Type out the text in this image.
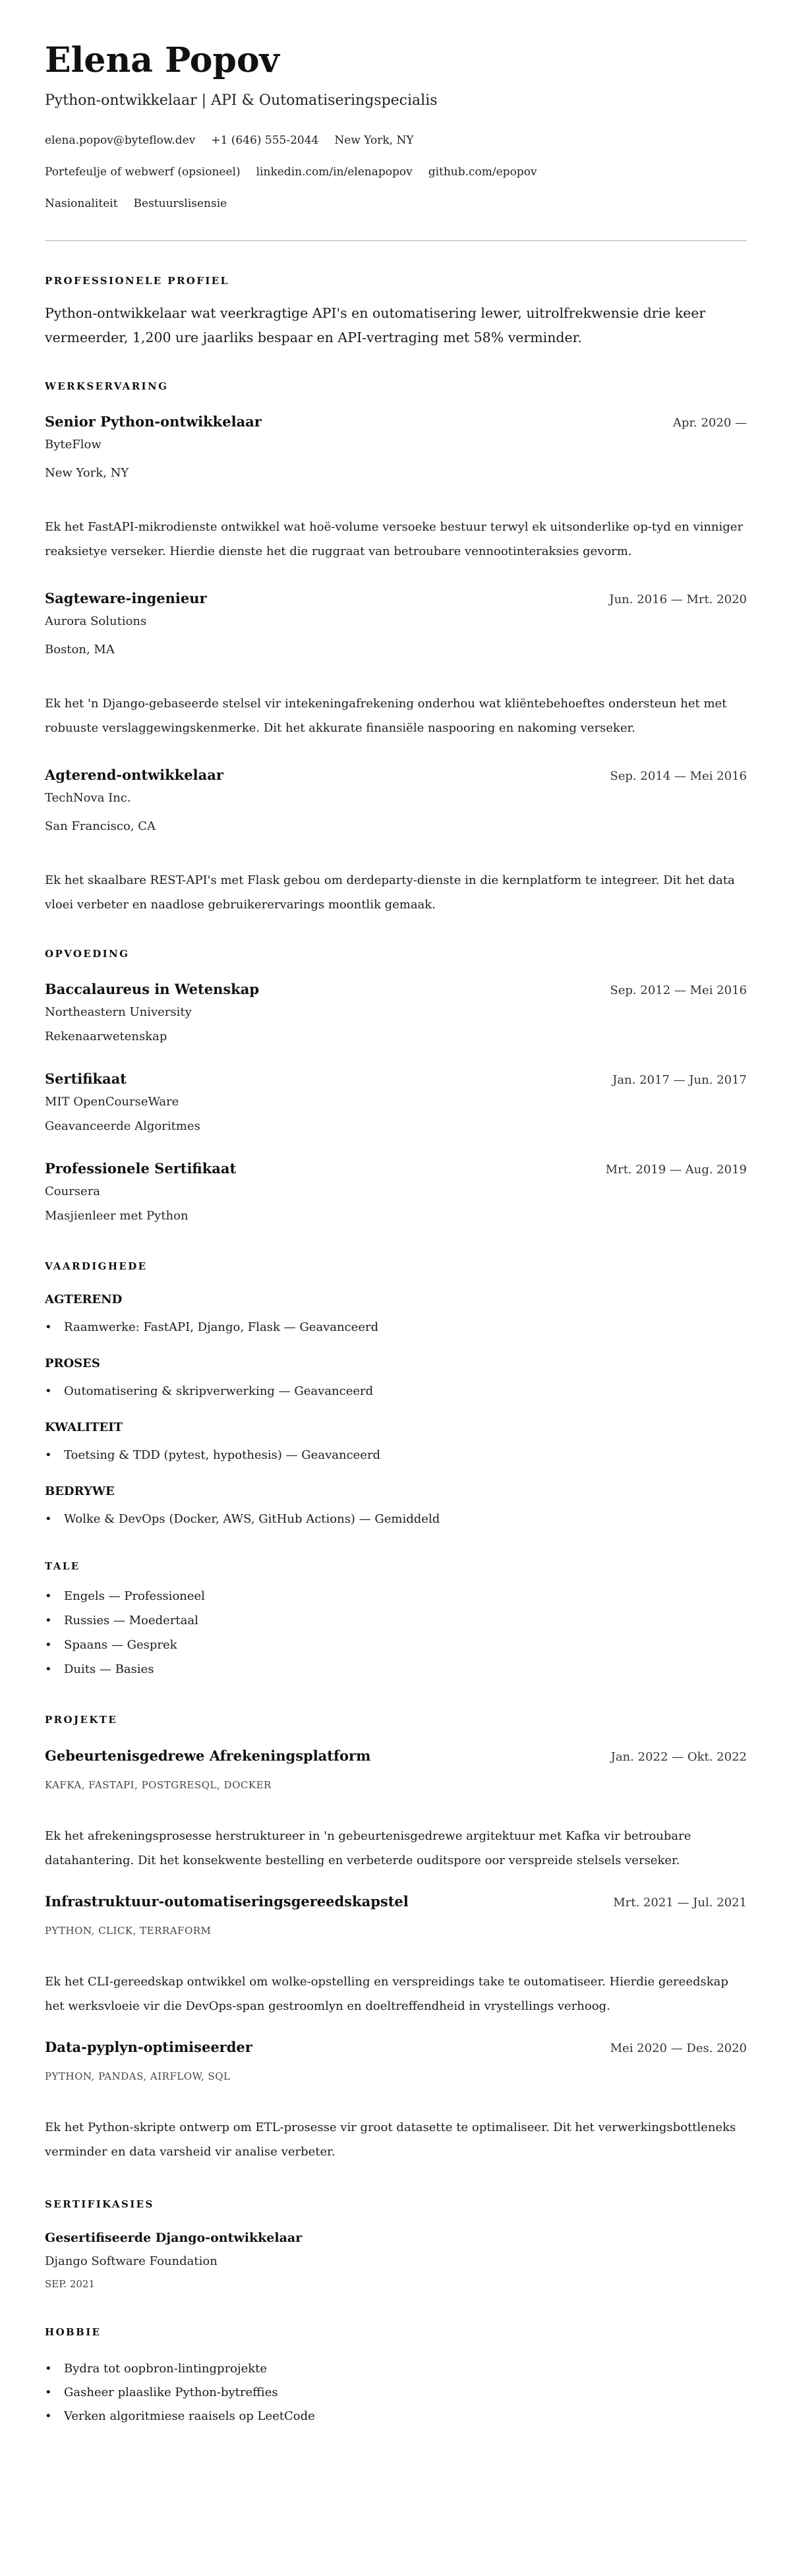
Elena Popov
Python-ontwikkelaar | API & Outomatiseringspecialis
elena.popov@byteflow.dev +1 (646) 555-2044 New York, NY
Portefeulje of webwerf (opsioneel) linkedin.com/in/elenapopov github.com/epopov
Nasionaliteit Bestuurslisensie
PROFESSIONELE PROFIEL

Python-ontwikkelaar wat veerkragtige API's en outomatisering lewer, uitrolfrekwensie drie keer vermeerder, 1,200 ure jaarliks bespaar en API-vertraging met 58% verminder.

WERKSERVARING
Senior Python-ontwikkelaar	Apr. 2020 —
ByteFlow
New York, NY
Ek het FastAPI-mikrodienste ontwikkel wat hoë-volume versoeke bestuur terwyl ek uitsonderlike op-tyd en vinniger reaksietye verseker. Hierdie dienste het die ruggraat van betroubare vennootinteraksies gevorm.
Sagteware-ingenieur	Jun. 2016 — Mrt. 2020
Aurora Solutions
Boston, MA
Ek het 'n Django-gebaseerde stelsel vir intekeningafrekening onderhou wat kliëntebehoeftes ondersteun het met robuuste verslaggewingskenmerke. Dit het akkurate finansiële naspooring en nakoming verseker.
Agterend-ontwikkelaar	Sep. 2014 — Mei 2016
TechNova Inc.
San Francisco, CA
Ek het skaalbare REST-API's met Flask gebou om derdeparty-dienste in die kernplatform te integreer. Dit het data vloei verbeter en naadlose gebruikerervarings moontlik gemaak.
OPVOEDING
Baccalaureus in Wetenskap	Sep. 2012 — Mei 2016
Northeastern University
Rekenaarwetenskap
Sertifikaat	Jan. 2017 — Jun. 2017
MIT OpenCourseWare
Geavanceerde Algoritmes
Professionele Sertifikaat	Mrt. 2019 — Aug. 2019
Coursera
Masjienleer met Python
VAARDIGHEDE
AGTEREND
• Raamwerke: FastAPI, Django, Flask — Geavanceerd
PROSES
• Outomatisering & skripverwerking — Geavanceerd
KWALITEIT
• Toetsing & TDD (pytest, hypothesis) — Geavanceerd
BEDRYWE
• Wolke & DevOps (Docker, AWS, GitHub Actions) — Gemiddeld
TALE
• Engels — Professioneel
• Russies — Moedertaal
• Spaans — Gesprek
• Duits — Basies
PROJEKTE
Gebeurtenisgedrewe Afrekeningsplatform	Jan. 2022 — Okt. 2022
KAFKA, FASTAPI, POSTGRESQL, DOCKER
Ek het afrekeningsprosesse herstruktureer in 'n gebeurtenisgedrewe argitektuur met Kafka vir betroubare datahantering. Dit het konsekwente bestelling en verbeterde ouditspore oor verspreide stelsels verseker.
Infrastruktuur-outomatiseringsgereedskapstel	Mrt. 2021 — Jul. 2021
PYTHON, CLICK, TERRAFORM
Ek het CLI-gereedskap ontwikkel om wolke-opstelling en verspreidings take te outomatiseer. Hierdie gereedskap het werksvloeie vir die DevOps-span gestroomlyn en doeltreffendheid in vrystellings verhoog.
Data-pyplyn-optimiseerder	Mei 2020 — Des. 2020
PYTHON, PANDAS, AIRFLOW, SQL
Ek het Python-skripte ontwerp om ETL-prosesse vir groot datasette te optimaliseer. Dit het verwerkingsbottleneks verminder en data varsheid vir analise verbeter.
SERTIFIKASIES
Gesertifiseerde Django-ontwikkelaar
Django Software Foundation
SEP. 2021
HOBBIE
• Bydra tot oopbron-lintingprojekte
• Gasheer plaaslike Python-bytreffies
• Verken algoritmiese raaisels op LeetCode
